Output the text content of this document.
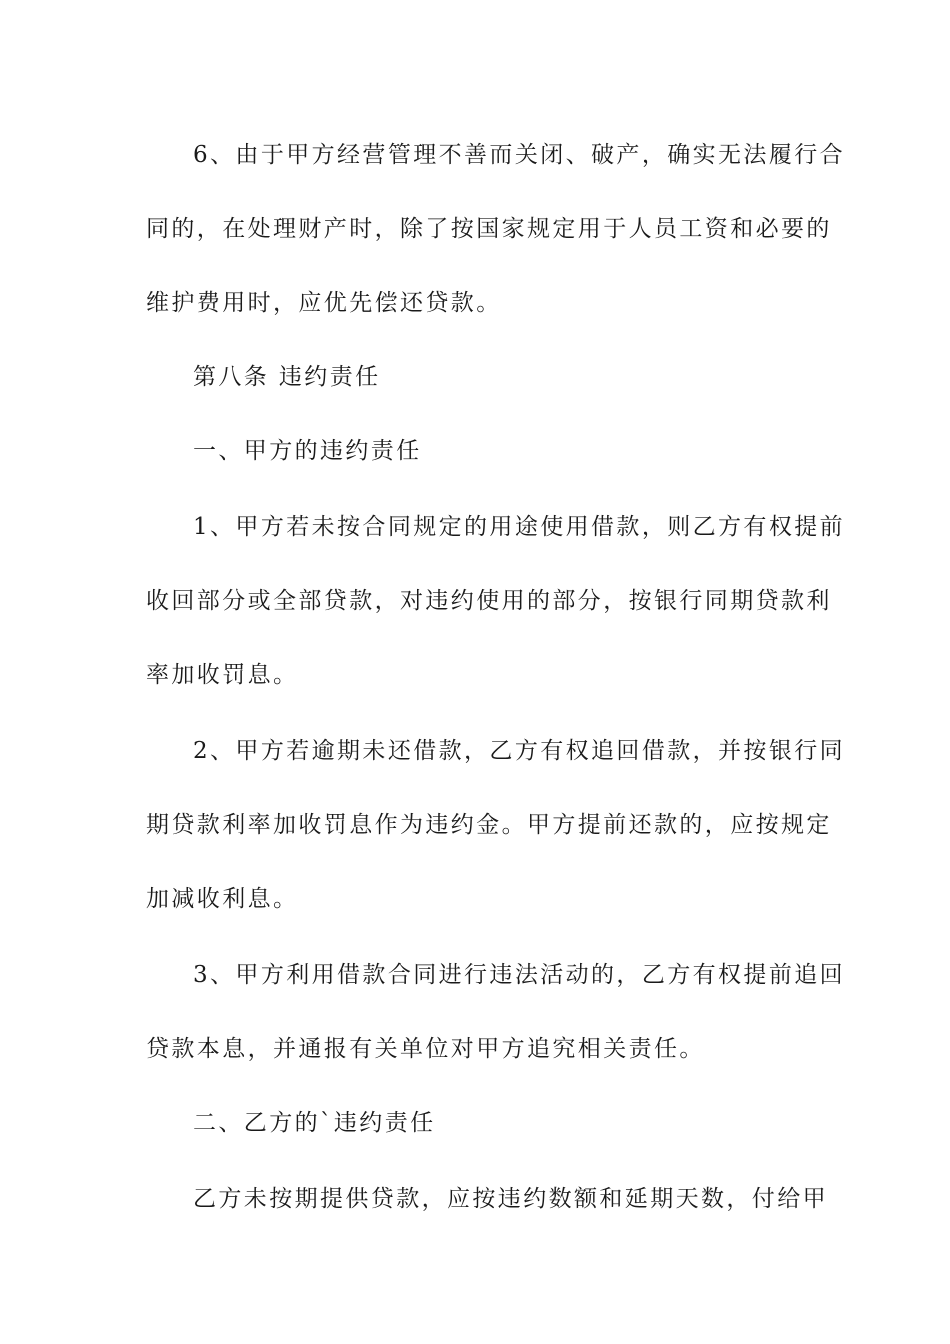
6、由于甲方经营管理不善而关闭、破产，确实无法履行合
同的，在处理财产时，除了按国家规定用于人员工资和必要的
维护费用时，应优先偿还贷款。
第八条 违约责任
一、甲方的违约责任
1、甲方若未按合同规定的用途使用借款，则乙方有权提前
收回部分或全部贷款，对违约使用的部分，按银行同期贷款利
率加收罚息。
2、甲方若逾期未还借款，乙方有权追回借款，并按银行同
期贷款利率加收罚息作为违约金。甲方提前还款的，应按规定
加减收利息。
3、甲方利用借款合同进行违法活动的，乙方有权提前追回
贷款本息，并通报有关单位对甲方追究相关责任。
二、乙方的`违约责任
乙方未按期提供贷款，应按违约数额和延期天数，付给甲
